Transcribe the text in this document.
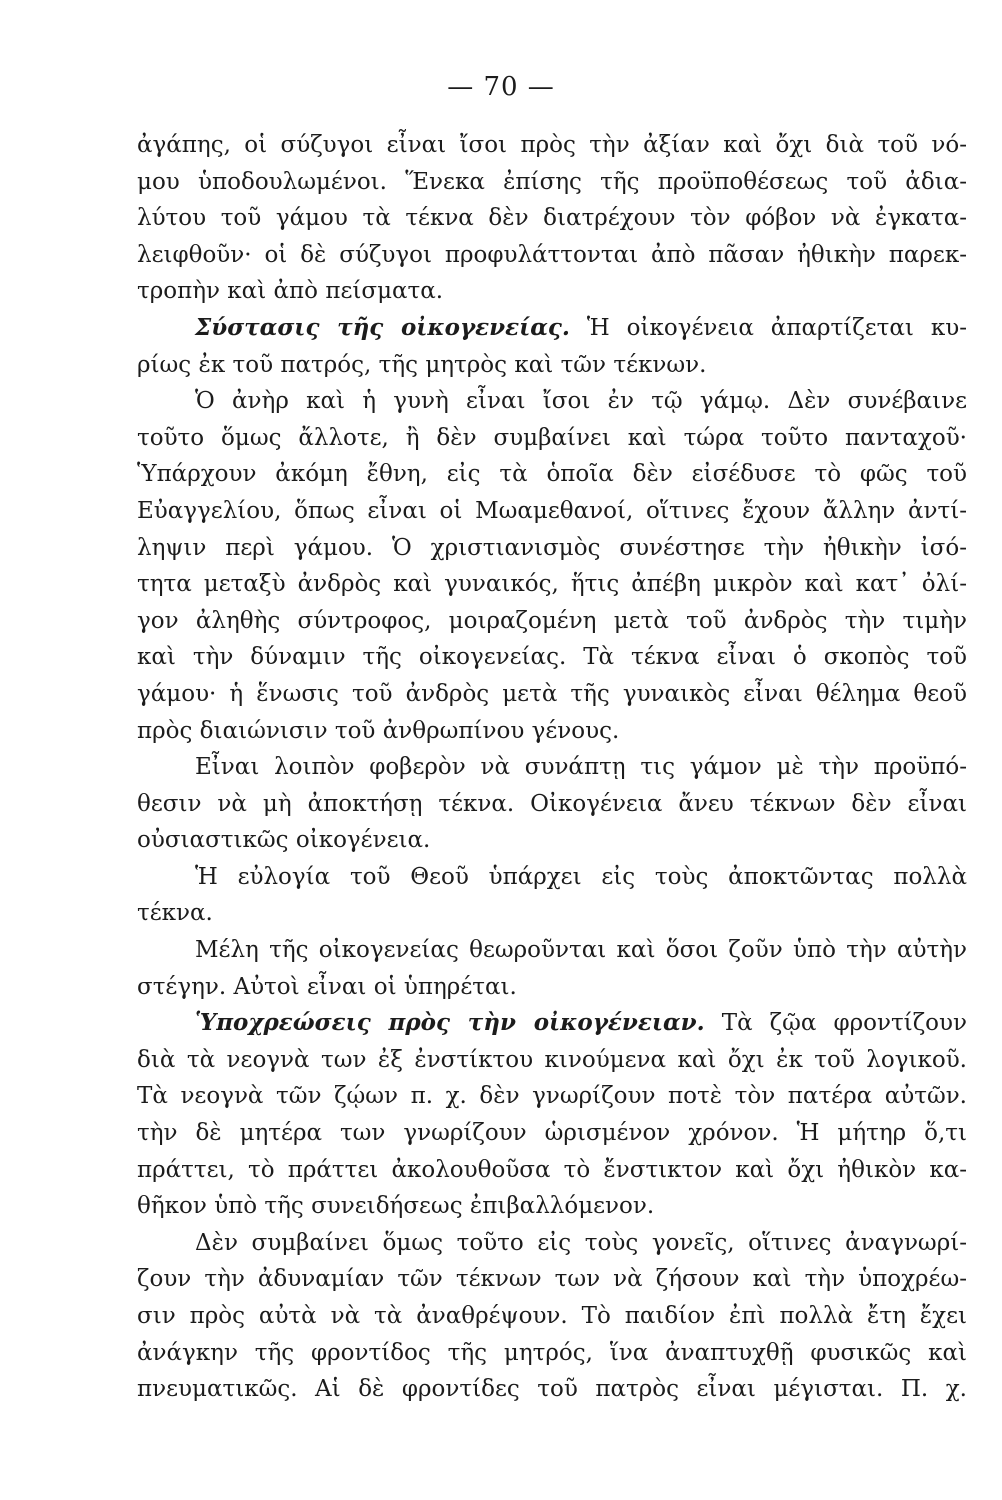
— 70 —
ἀγάπης, οἱ σύζυγοι εἶναι ἴσοι πρὸς τὴν ἀξίαν καὶ ὄχι διὰ τοῦ νό-
μου ὑποδουλωμένοι. Ἕνεκα ἐπίσης τῆς προϋποθέσεως τοῦ ἀδια-
λύτου τοῦ γάμου τὰ τέκνα δὲν διατρέχουν τὸν φόβον νὰ ἐγκατα-
λειφθοῦν· οἱ δὲ σύζυγοι προφυλάττονται ἀπὸ πᾶσαν ἠθικὴν παρεκ-
τροπὴν καὶ ἀπὸ πείσματα.
Σύστασις τῆς οἰκογενείας. Ἡ οἰκογένεια ἀπαρτίζεται κυ-
ρίως ἐκ τοῦ πατρός, τῆς μητρὸς καὶ τῶν τέκνων.
Ὁ ἀνὴρ καὶ ἡ γυνὴ εἶναι ἴσοι ἐν τῷ γάμῳ. Δὲν συνέβαινε
τοῦτο ὅμως ἄλλοτε, ἢ δὲν συμβαίνει καὶ τώρα τοῦτο πανταχοῦ·
Ὑπάρχουν ἀκόμη ἔθνη, εἰς τὰ ὁποῖα δὲν εἰσέδυσε τὸ φῶς τοῦ
Εὐαγγελίου, ὅπως εἶναι οἱ Μωαμεθανοί, οἵτινες ἔχουν ἄλλην ἀντί-
ληψιν περὶ γάμου. Ὁ χριστιανισμὸς συνέστησε τὴν ἠθικὴν ἰσό-
τητα μεταξὺ ἀνδρὸς καὶ γυναικός, ἥτις ἀπέβη μικρὸν καὶ κατ᾽ ὀλί-
γον ἀληθὴς σύντροφος, μοιραζομένη μετὰ τοῦ ἀνδρὸς τὴν τιμὴν
καὶ τὴν δύναμιν τῆς οἰκογενείας. Τὰ τέκνα εἶναι ὁ σκοπὸς τοῦ
γάμου· ἡ ἕνωσις τοῦ ἀνδρὸς μετὰ τῆς γυναικὸς εἶναι θέλημα θεοῦ
πρὸς διαιώνισιν τοῦ ἀνθρωπίνου γένους.
Εἶναι λοιπὸν φοβερὸν νὰ συνάπτῃ τις γάμον μὲ τὴν προϋπό-
θεσιν νὰ μὴ ἀποκτήσῃ τέκνα. Οἰκογένεια ἄνευ τέκνων δὲν εἶναι
οὐσιαστικῶς οἰκογένεια.
Ἡ εὐλογία τοῦ Θεοῦ ὑπάρχει εἰς τοὺς ἀποκτῶντας πολλὰ
τέκνα.
Μέλη τῆς οἰκογενείας θεωροῦνται καὶ ὅσοι ζοῦν ὑπὸ τὴν αὐτὴν
στέγην. Αὐτοὶ εἶναι οἱ ὑπηρέται.
Ὑποχρεώσεις πρὸς τὴν οἰκογένειαν. Τὰ ζῷα φροντίζουν
διὰ τὰ νεογνὰ των ἐξ ἐνστίκτου κινούμενα καὶ ὄχι ἐκ τοῦ λογικοῦ.
Τὰ νεογνὰ τῶν ζῴων π. χ. δὲν γνωρίζουν ποτὲ τὸν πατέρα αὐτῶν.
τὴν δὲ μητέρα των γνωρίζουν ὡρισμένον χρόνον. Ἡ μήτηρ ὅ,τι
πράττει, τὸ πράττει ἀκολουθοῦσα τὸ ἔνστικτον καὶ ὄχι ἠθικὸν κα-
θῆκον ὑπὸ τῆς συνειδήσεως ἐπιβαλλόμενον.
Δὲν συμβαίνει ὅμως τοῦτο εἰς τοὺς γονεῖς, οἵτινες ἀναγνωρί-
ζουν τὴν ἀδυναμίαν τῶν τέκνων των νὰ ζήσουν καὶ τὴν ὑποχρέω-
σιν πρὸς αὐτὰ νὰ τὰ ἀναθρέψουν. Τὸ παιδίον ἐπὶ πολλὰ ἔτη ἔχει
ἀνάγκην τῆς φροντίδος τῆς μητρός, ἵνα ἀναπτυχθῇ φυσικῶς καὶ
πνευματικῶς. Αἱ δὲ φροντίδες τοῦ πατρὸς εἶναι μέγισται. Π. χ.
